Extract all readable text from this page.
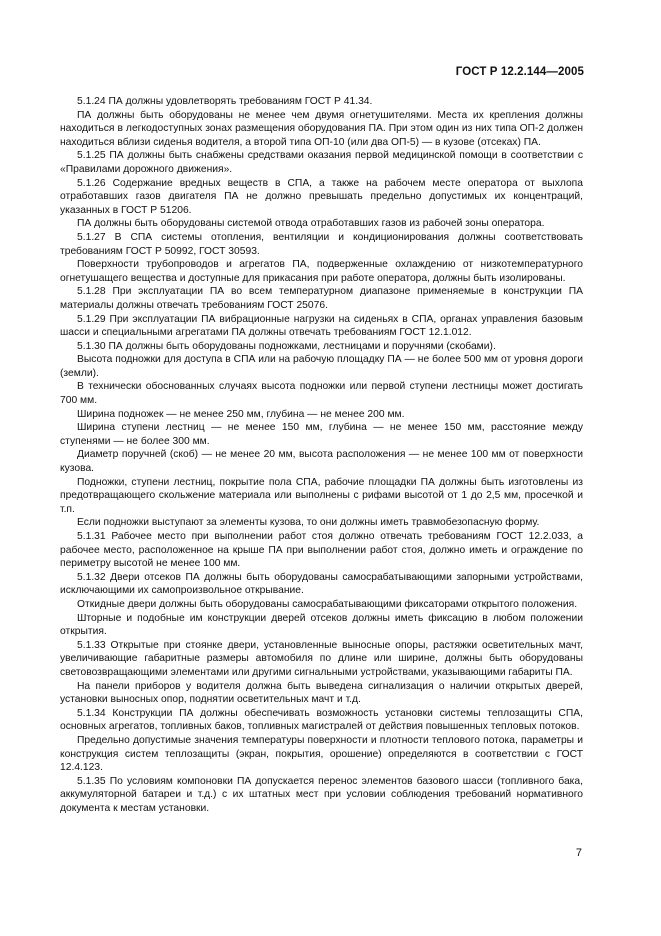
ГОСТ Р 12.2.144—2005

5.1.24 ПА должны удовлетворять требованиям ГОСТ Р 41.34.

ПА должны быть оборудованы не менее чем двумя огнетушителями. Места их крепления должны находиться в легкодоступных зонах размещения оборудования ПА. При этом один из них типа ОП-2 должен находиться вблизи сиденья водителя, а второй типа ОП-10 (или два ОП-5) — в кузове (отсеках) ПА.

5.1.25 ПА должны быть снабжены средствами оказания первой медицинской помощи в соответствии с «Правилами дорожного движения».

5.1.26 Содержание вредных веществ в СПА, а также на рабочем месте оператора от выхлопа отработавших газов двигателя ПА не должно превышать предельно допустимых их концентраций, указанных в ГОСТ Р 51206.

ПА должны быть оборудованы системой отвода отработавших газов из рабочей зоны оператора.

5.1.27 В СПА системы отопления, вентиляции и кондиционирования должны соответствовать требованиям ГОСТ Р 50992, ГОСТ 30593.

Поверхности трубопроводов и агрегатов ПА, подверженные охлаждению от низкотемпературного огнетушащего вещества и доступные для прикасания при работе оператора, должны быть изолированы.

5.1.28 При эксплуатации ПА во всем температурном диапазоне применяемые в конструкции ПА материалы должны отвечать требованиям ГОСТ 25076.

5.1.29 При эксплуатации ПА вибрационные нагрузки на сиденьях в СПА, органах управления базовым шасси и специальными агрегатами ПА должны отвечать требованиям ГОСТ 12.1.012.

5.1.30 ПА должны быть оборудованы подножками, лестницами и поручнями (скобами).

Высота подножки для доступа в СПА или на рабочую площадку ПА — не более 500 мм от уровня дороги (земли).

В технически обоснованных случаях высота подножки или первой ступени лестницы может достигать 700 мм.

Ширина подножек — не менее 250 мм, глубина — не менее 200 мм.

Ширина ступени лестниц — не менее 150 мм, глубина — не менее 150 мм, расстояние между ступенями — не более 300 мм.

Диаметр поручней (скоб) — не менее 20 мм, высота расположения — не менее 100 мм от поверхности кузова.

Подножки, ступени лестниц, покрытие пола СПА, рабочие площадки ПА должны быть изготовлены из предотвращающего скольжение материала или выполнены с рифами высотой от 1 до 2,5 мм, просечкой и т.п.

Если подножки выступают за элементы кузова, то они должны иметь травмобезопасную форму.

5.1.31 Рабочее место при выполнении работ стоя должно отвечать требованиям ГОСТ 12.2.033, а рабочее место, расположенное на крыше ПА при выполнении работ стоя, должно иметь и ограждение по периметру высотой не менее 100 мм.

5.1.32 Двери отсеков ПА должны быть оборудованы самосрабатывающими запорными устройствами, исключающими их самопроизвольное открывание.

Откидные двери должны быть оборудованы самосрабатывающими фиксаторами открытого положения.

Шторные и подобные им конструкции дверей отсеков должны иметь фиксацию в любом положении открытия.

5.1.33 Открытые при стоянке двери, установленные выносные опоры, растяжки осветительных мачт, увеличивающие габаритные размеры автомобиля по длине или ширине, должны быть оборудованы световозвращающими элементами или другими сигнальными устройствами, указывающими габариты ПА.

На панели приборов у водителя должна быть выведена сигнализация о наличии открытых дверей, установки выносных опор, поднятии осветительных мачт и т.д.

5.1.34 Конструкции ПА должны обеспечивать возможность установки системы теплозащиты СПА, основных агрегатов, топливных баков, топливных магистралей от действия повышенных тепловых потоков.

Предельно допустимые значения температуры поверхности и плотности теплового потока, параметры и конструкция систем теплозащиты (экран, покрытия, орошение) определяются в соответствии с ГОСТ 12.4.123.

5.1.35 По условиям компоновки ПА допускается перенос элементов базового шасси (топливного бака, аккумуляторной батареи и т.д.) с их штатных мест при условии соблюдения требований нормативного документа к местам установки.

7
